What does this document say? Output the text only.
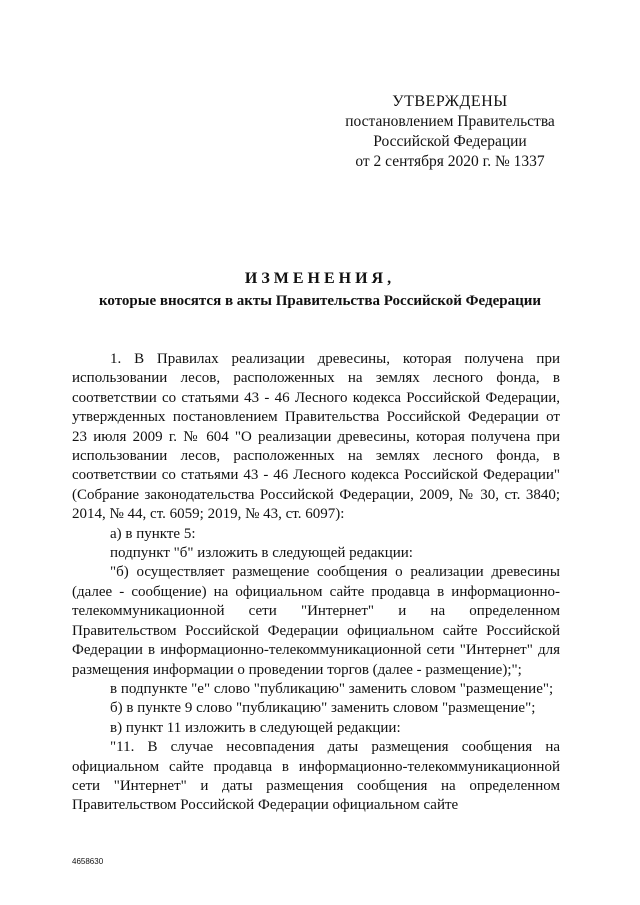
УТВЕРЖДЕНЫ
постановлением Правительства
Российской Федерации
от 2 сентября 2020 г. № 1337
ИЗМЕНЕНИЯ,
которые вносятся в акты Правительства Российской Федерации

1. В Правилах реализации древесины, которая получена при использовании лесов, расположенных на землях лесного фонда, в соответствии со статьями 43 - 46 Лесного кодекса Российской Федерации, утвержденных постановлением Правительства Российской Федерации от 23 июля 2009 г. № 604 "О реализации древесины, которая получена при использовании лесов, расположенных на землях лесного фонда, в соответствии со статьями 43 - 46 Лесного кодекса Российской Федерации" (Собрание законодательства Российской Федерации, 2009, № 30, ст. 3840; 2014, № 44, ст. 6059; 2019, № 43, ст. 6097):

а) в пункте 5:

подпункт "б" изложить в следующей редакции:

"б) осуществляет размещение сообщения о реализации древесины (далее - сообщение) на официальном сайте продавца в информационно-телекоммуникационной сети "Интернет" и на определенном Правительством Российской Федерации официальном сайте Российской Федерации в информационно-телекоммуникационной сети "Интернет" для размещения информации о проведении торгов (далее - размещение);";

в подпункте "е" слово "публикацию" заменить словом "размещение";

б) в пункте 9 слово "публикацию" заменить словом "размещение";

в) пункт 11 изложить в следующей редакции:

"11. В случае несовпадения даты размещения сообщения на официальном сайте продавца в информационно-телекоммуникационной сети "Интернет" и даты размещения сообщения на определенном Правительством Российской Федерации официальном сайте

4658630
